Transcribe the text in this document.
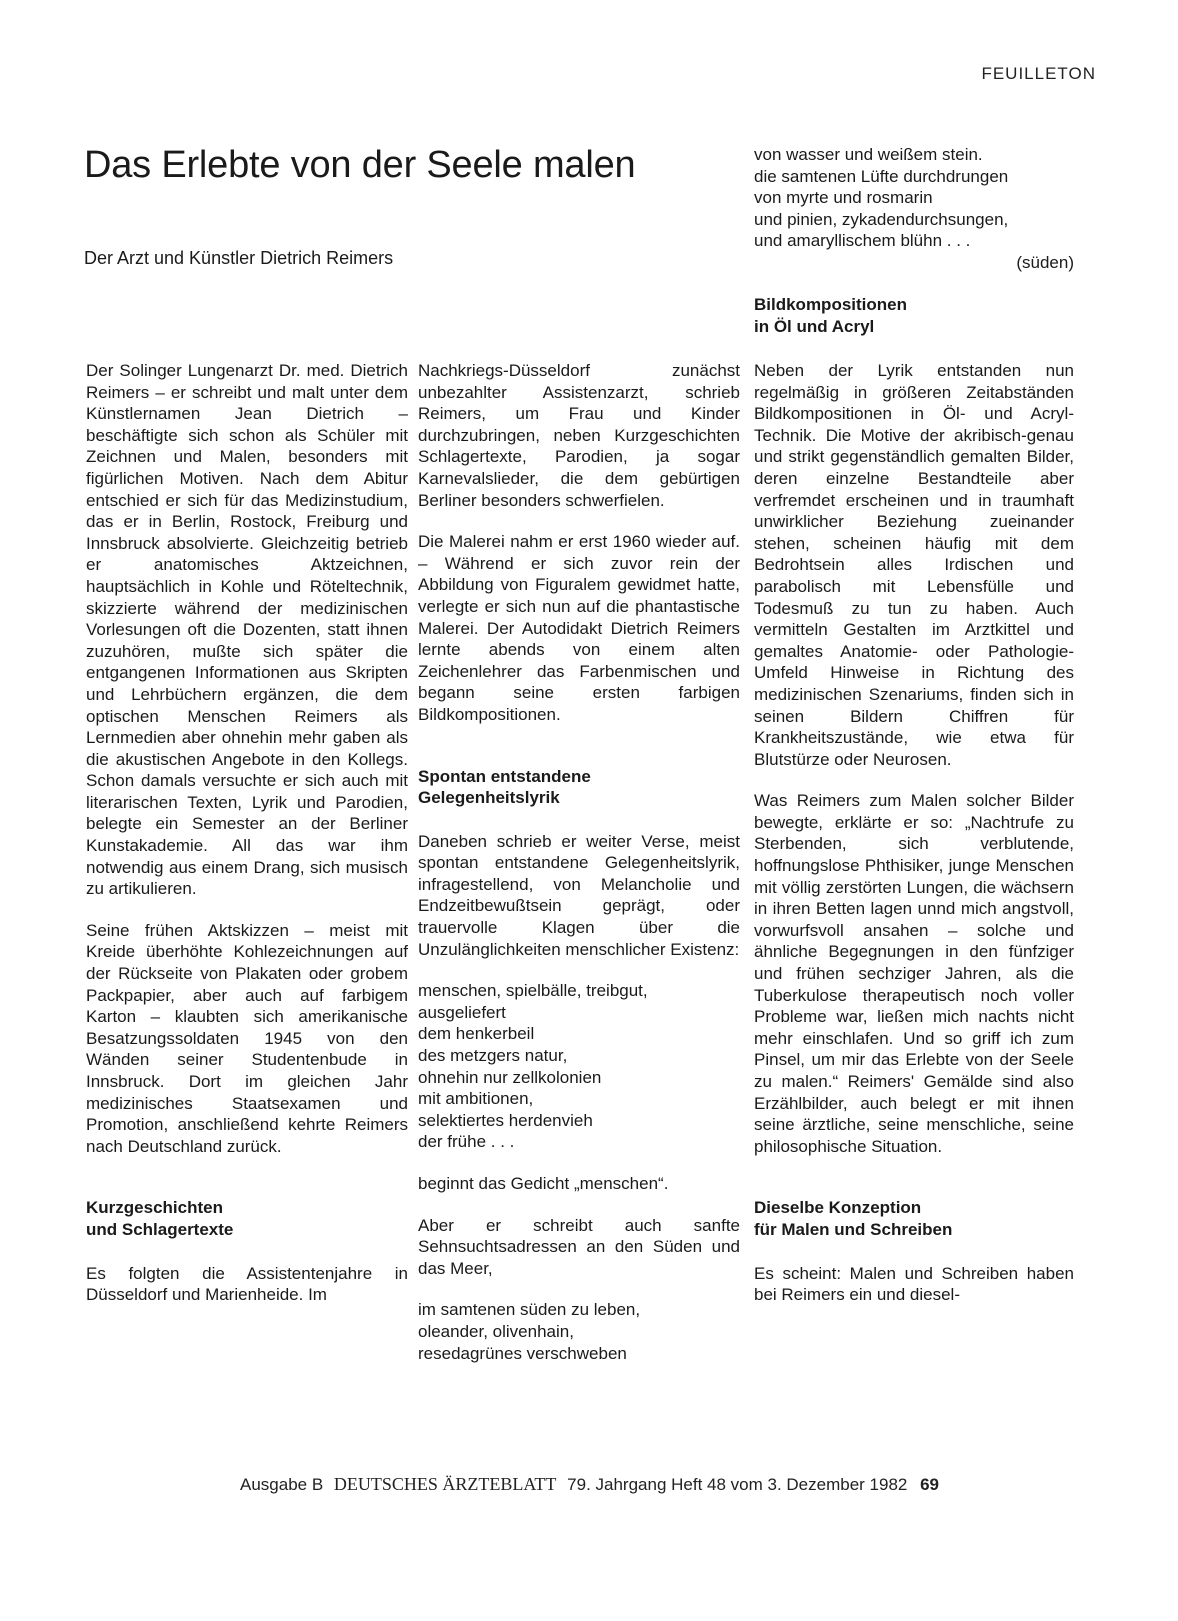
FEUILLETON
Das Erlebte von der Seele malen

Der Arzt und Künstler Dietrich Reimers

Der Solinger Lungenarzt Dr. med. Dietrich Reimers – er schreibt und malt unter dem Künstlernamen Jean Dietrich – beschäftigte sich schon als Schüler mit Zeichnen und Malen, besonders mit figürlichen Motiven. Nach dem Abitur entschied er sich für das Medizinstudium, das er in Berlin, Rostock, Freiburg und Innsbruck absolvierte. Gleichzeitig betrieb er anatomisches Aktzeichnen, hauptsächlich in Kohle und Röteltechnik, skizzierte während der medizinischen Vorlesungen oft die Dozenten, statt ihnen zuzuhören, mußte sich später die entgangenen Informationen aus Skripten und Lehrbüchern ergänzen, die dem optischen Menschen Reimers als Lernmedien aber ohnehin mehr gaben als die akustischen Angebote in den Kollegs. Schon damals versuchte er sich auch mit literarischen Texten, Lyrik und Parodien, belegte ein Semester an der Berliner Kunstakademie. All das war ihm notwendig aus einem Drang, sich musisch zu artikulieren.

Seine frühen Aktskizzen – meist mit Kreide überhöhte Kohlezeichnungen auf der Rückseite von Plakaten oder grobem Packpapier, aber auch auf farbigem Karton – klaubten sich amerikanische Besatzungssoldaten 1945 von den Wänden seiner Studentenbude in Innsbruck. Dort im gleichen Jahr medizinisches Staatsexamen und Promotion, anschließend kehrte Reimers nach Deutschland zurück.

Kurzgeschichten
und Schlagertexte

Es folgten die Assistentenjahre in Düsseldorf und Marienheide. Im

Nachkriegs-Düsseldorf zunächst unbezahlter Assistenzarzt, schrieb Reimers, um Frau und Kinder durchzubringen, neben Kurzgeschichten Schlagertexte, Parodien, ja sogar Karnevalslieder, die dem gebürtigen Berliner besonders schwerfielen.

Die Malerei nahm er erst 1960 wieder auf. – Während er sich zuvor rein der Abbildung von Figuralem gewidmet hatte, verlegte er sich nun auf die phantastische Malerei. Der Autodidakt Dietrich Reimers lernte abends von einem alten Zeichenlehrer das Farbenmischen und begann seine ersten farbigen Bildkompositionen.

Spontan entstandene
Gelegenheitslyrik

Daneben schrieb er weiter Verse, meist spontan entstandene Gelegenheitslyrik, infragestellend, von Melancholie und Endzeitbewußtsein geprägt, oder trauervolle Klagen über die Unzulänglichkeiten menschlicher Existenz:

menschen, spielbälle, treibgut,
ausgeliefert
dem henkerbeil
des metzgers natur,
ohnehin nur zellkolonien
mit ambitionen,
selektiertes herdenvieh
der frühe . . .

beginnt das Gedicht „menschen“.

Aber er schreibt auch sanfte Sehnsuchtsadressen an den Süden und das Meer,

im samtenen süden zu leben,
oleander, olivenhain,
resedagrünes verschweben
von wasser und weißem stein.
die samtenen Lüfte durchdrungen
von myrte und rosmarin
und pinien, zykadendurchsungen,
und amaryllischem blühn . . .
(süden)
Bildkompositionen
in Öl und Acryl

Neben der Lyrik entstanden nun regelmäßig in größeren Zeitabständen Bildkompositionen in Öl- und Acryl-Technik. Die Motive der akribisch-genau und strikt gegenständlich gemalten Bilder, deren einzelne Bestandteile aber verfremdet erscheinen und in traumhaft unwirklicher Beziehung zueinander stehen, scheinen häufig mit dem Bedrohtsein alles Irdischen und parabolisch mit Lebensfülle und Todesmuß zu tun zu haben. Auch vermitteln Gestalten im Arztkittel und gemaltes Anatomie- oder Pathologie-Umfeld Hinweise in Richtung des medizinischen Szenariums, finden sich in seinen Bildern Chiffren für Krankheitszustände, wie etwa für Blutstürze oder Neurosen.

Was Reimers zum Malen solcher Bilder bewegte, erklärte er so: „Nachtrufe zu Sterbenden, sich verblutende, hoffnungslose Phthisiker, junge Menschen mit völlig zerstörten Lungen, die wächsern in ihren Betten lagen unnd mich angstvoll, vorwurfsvoll ansahen – solche und ähnliche Begegnungen in den fünfziger und frühen sechziger Jahren, als die Tuberkulose therapeutisch noch voller Probleme war, ließen mich nachts nicht mehr einschlafen. Und so griff ich zum Pinsel, um mir das Erlebte von der Seele zu malen.“ Reimers' Gemälde sind also Erzählbilder, auch belegt er mit ihnen seine ärztliche, seine menschliche, seine philosophische Situation.

Dieselbe Konzeption
für Malen und Schreiben

Es scheint: Malen und Schreiben haben bei Reimers ein und diesel-

Ausgabe B DEUTSCHES ÄRZTEBLATT 79. Jahrgang Heft 48 vom 3. Dezember 1982 69
